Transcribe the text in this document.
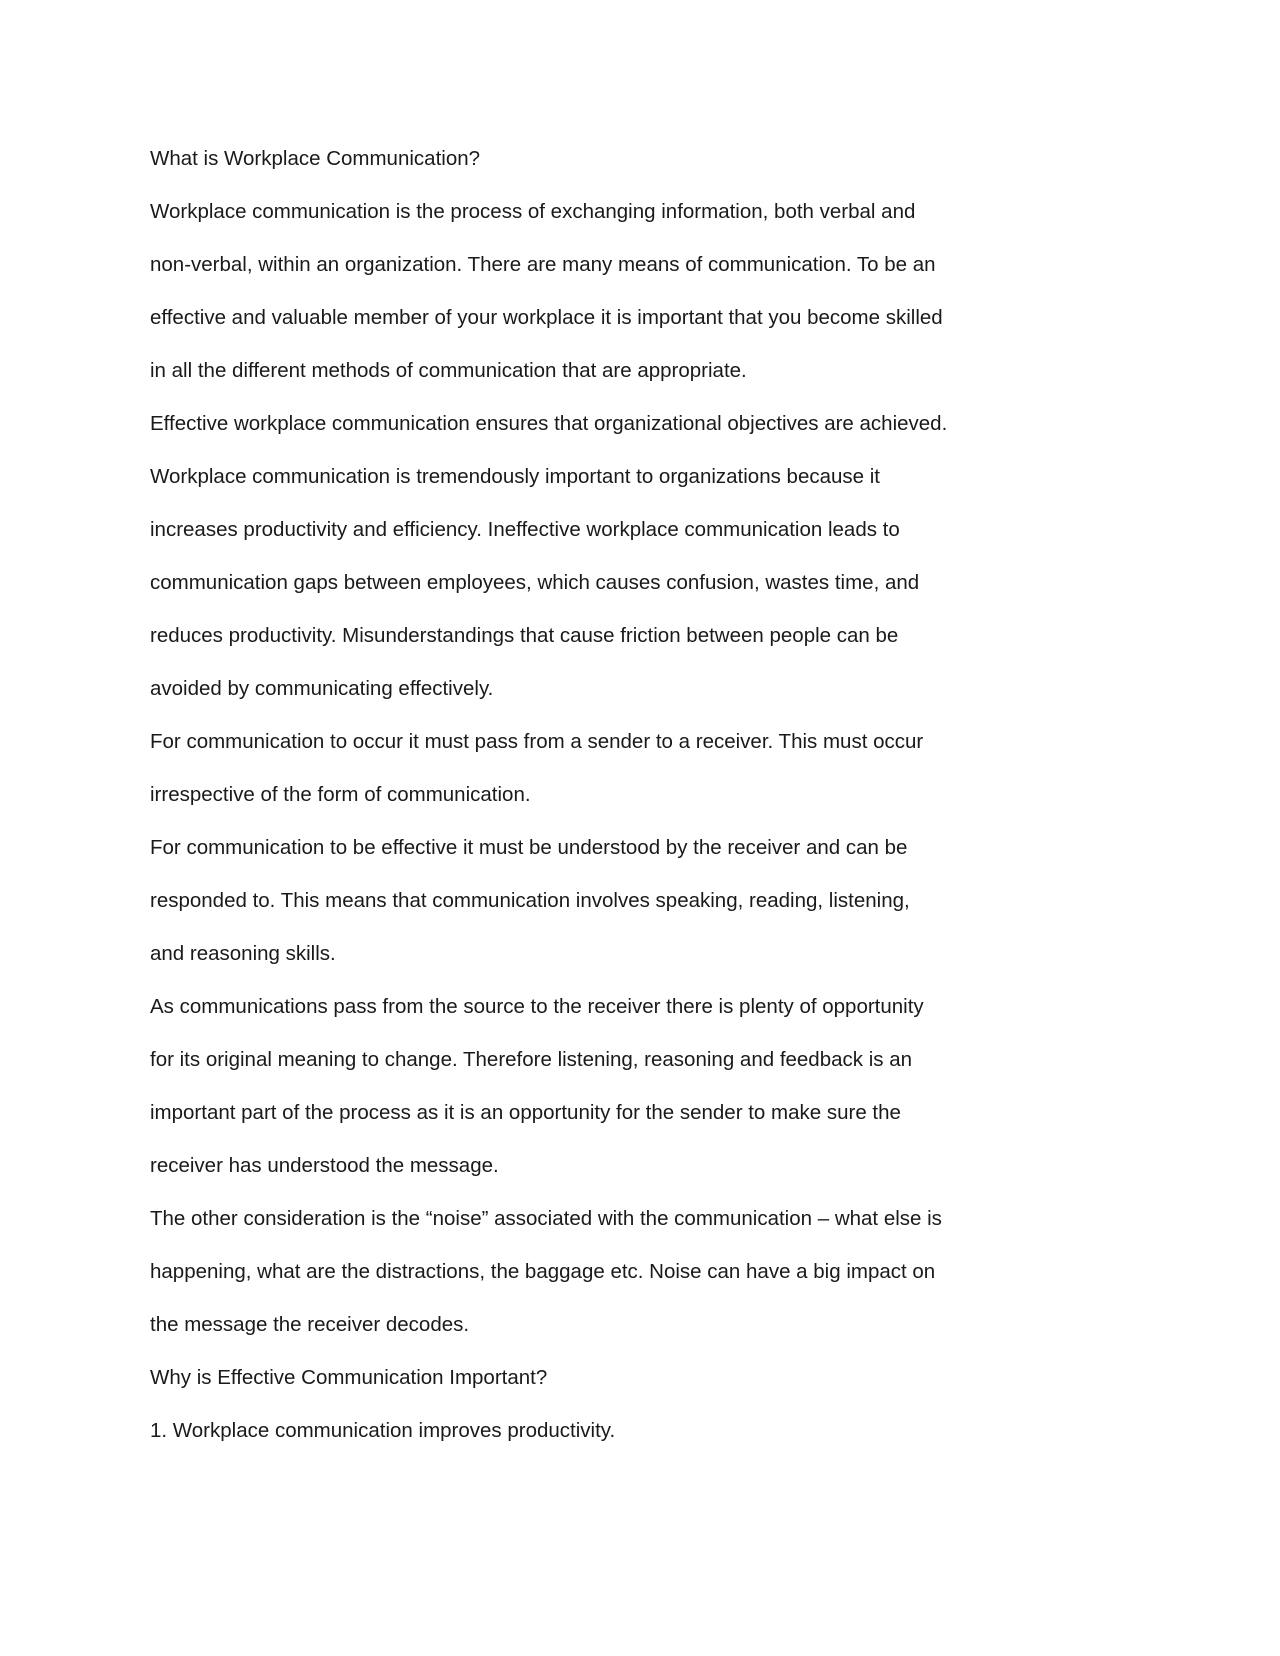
What is Workplace Communication?

Workplace communication is the process of exchanging information, both verbal and

non-verbal, within an organization. There are many means of communication. To be an

effective and valuable member of your workplace it is important that you become skilled

in all the different methods of communication that are appropriate.

Effective workplace communication ensures that organizational objectives are achieved.

Workplace communication is tremendously important to organizations because it

increases productivity and efficiency. Ineffective workplace communication leads to

communication gaps between employees, which causes confusion, wastes time, and

reduces productivity. Misunderstandings that cause friction between people can be

avoided by communicating effectively.

For communication to occur it must pass from a sender to a receiver. This must occur

irrespective of the form of communication.

For communication to be effective it must be understood by the receiver and can be

responded to. This means that communication involves speaking, reading, listening,

and reasoning skills.

As communications pass from the source to the receiver there is plenty of opportunity

for its original meaning to change. Therefore listening, reasoning and feedback is an

important part of the process as it is an opportunity for the sender to make sure the

receiver has understood the message.

The other consideration is the “noise” associated with the communication – what else is

happening, what are the distractions, the baggage etc. Noise can have a big impact on

the message the receiver decodes.

Why is Effective Communication Important?

1. Workplace communication improves productivity.
